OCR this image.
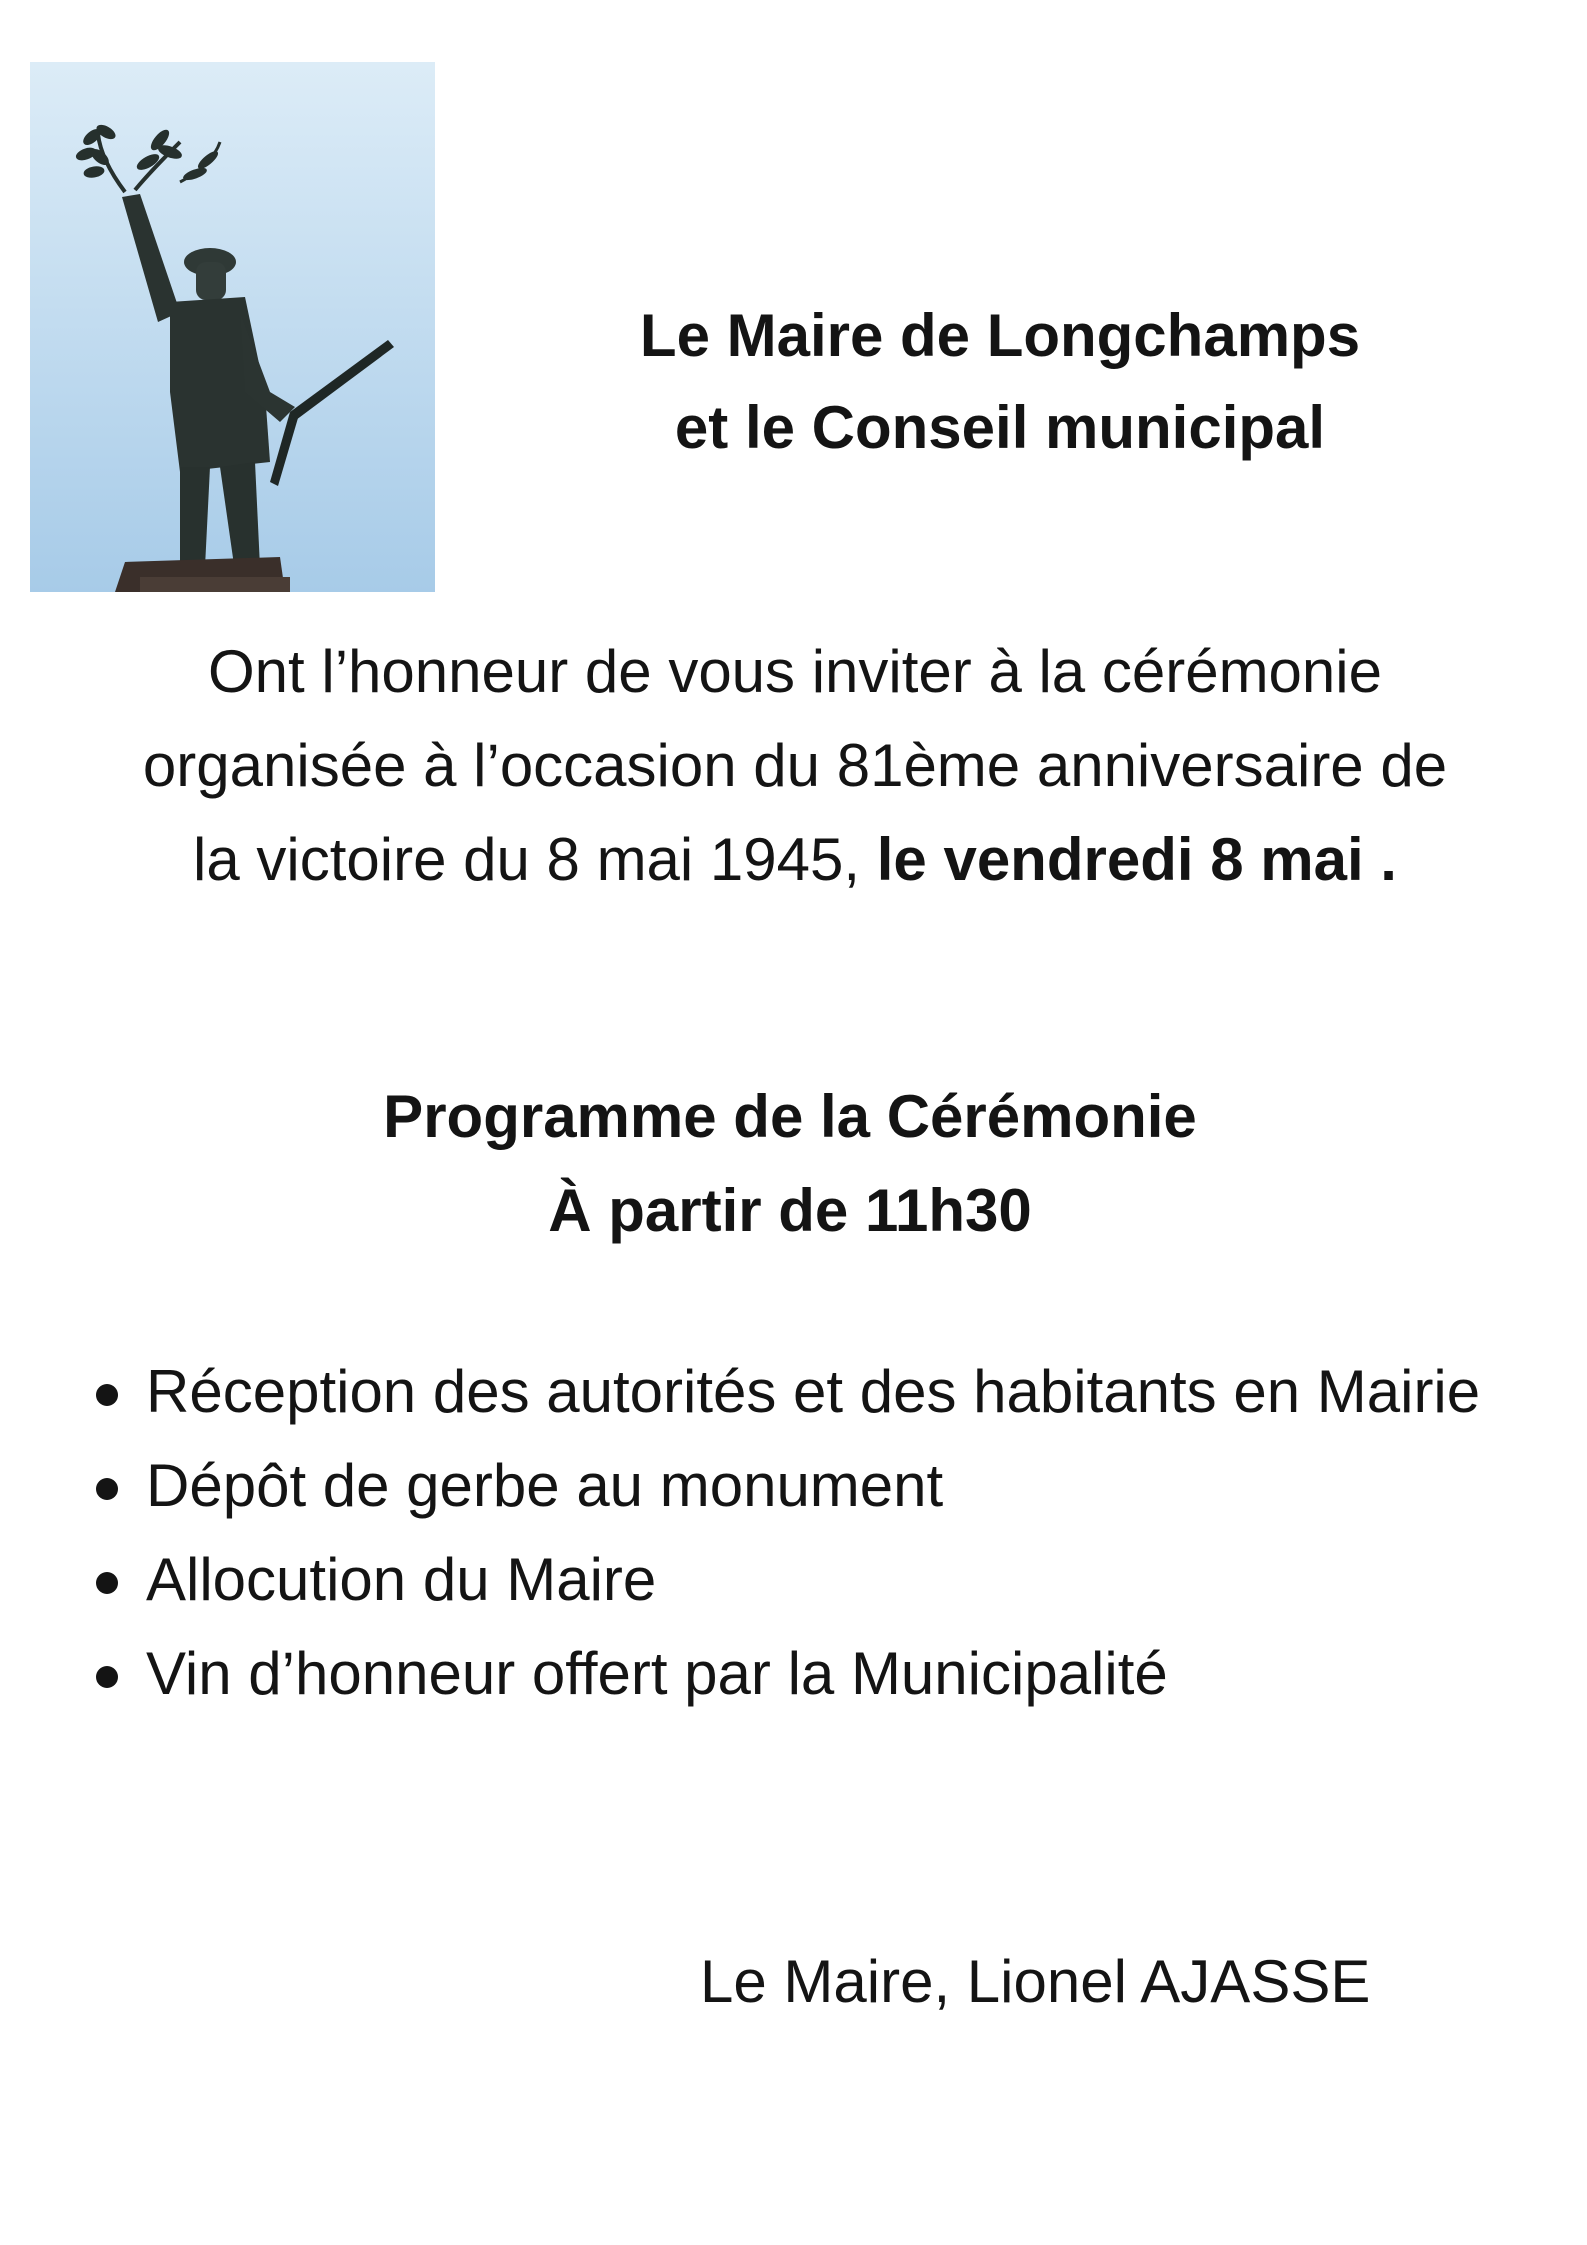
Le Maire de Longchamps
et le Conseil municipal
Ont l’honneur de vous inviter à la cérémonie
organisée à l’occasion du 81ème anniversaire de
la victoire du 8 mai 1945, le vendredi 8 mai .
Programme de la Cérémonie
À partir de 11h30
Réception des autorités et des habitants en Mairie
Dépôt de gerbe au monument
Allocution du Maire
Vin d’honneur offert par la Municipalité
Le Maire, Lionel AJASSE
